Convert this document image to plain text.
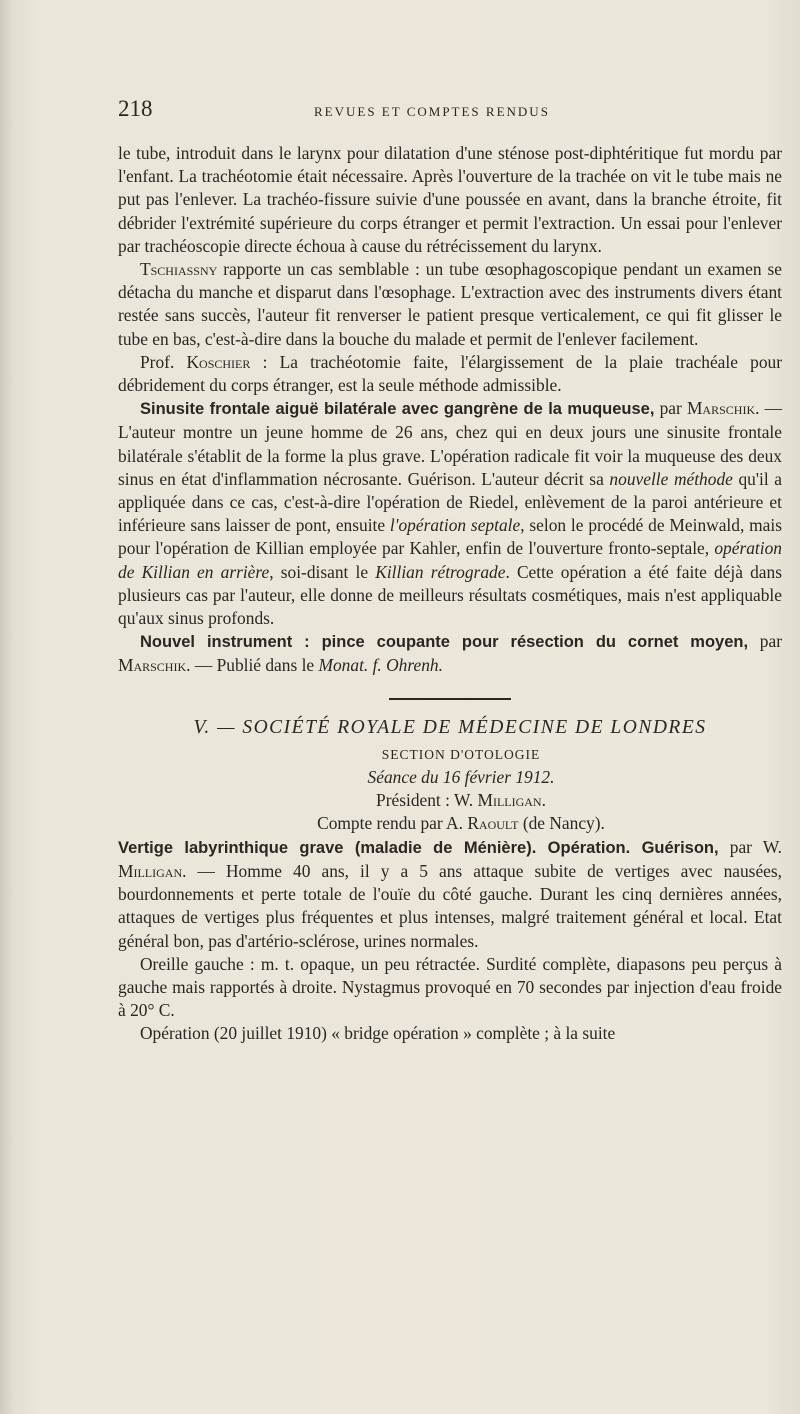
218	REVUES ET COMPTES RENDUS

le tube, introduit dans le larynx pour dilatation d'une sténose post-diphtéritique fut mordu par l'enfant. La trachéotomie était nécessaire. Après l'ouverture de la trachée on vit le tube mais ne put pas l'enlever. La trachéo-fissure suivie d'une poussée en avant, dans la branche étroite, fit débrider l'extrémité supérieure du corps étranger et permit l'extraction. Un essai pour l'enlever par trachéoscopie directe échoua à cause du rétrécissement du larynx.

Tschiassny rapporte un cas semblable : un tube œsophagoscopique pendant un examen se détacha du manche et disparut dans l'œsophage. L'extraction avec des instruments divers étant restée sans succès, l'auteur fit renverser le patient presque verticalement, ce qui fit glisser le tube en bas, c'est-à-dire dans la bouche du malade et permit de l'enlever facilement.

Prof. Koschier : La trachéotomie faite, l'élargissement de la plaie trachéale pour débridement du corps étranger, est la seule méthode admissible.

Sinusite frontale aiguë bilatérale avec gangrène de la muqueuse, par Marschik. — L'auteur montre un jeune homme de 26 ans, chez qui en deux jours une sinusite frontale bilatérale s'établit de la forme la plus grave. L'opération radicale fit voir la muqueuse des deux sinus en état d'inflammation nécrosante. Guérison. L'auteur décrit sa nouvelle méthode qu'il a appliquée dans ce cas, c'est-à-dire l'opération de Riedel, enlèvement de la paroi antérieure et inférieure sans laisser de pont, ensuite l'opération septale, selon le procédé de Meinwald, mais pour l'opération de Killian employée par Kahler, enfin de l'ouverture fronto-septale, opération de Killian en arrière, soi-disant le Killian rétrograde. Cette opération a été faite déjà dans plusieurs cas par l'auteur, elle donne de meilleurs résultats cosmétiques, mais n'est appliquable qu'aux sinus profonds.

Nouvel instrument : pince coupante pour résection du cornet moyen, par Marschik. — Publié dans le Monat. f. Ohrenh.

V. — SOCIÉTÉ ROYALE DE MÉDECINE DE LONDRES

SECTION D'OTOLOGIE

Séance du 16 février 1912.

Président : W. Milligan.

Compte rendu par A. Raoult (de Nancy).

Vertige labyrinthique grave (maladie de Ménière). Opération. Guérison, par W. Milligan. — Homme 40 ans, il y a 5 ans attaque subite de vertiges avec nausées, bourdonnements et perte totale de l'ouïe du côté gauche. Durant les cinq dernières années, attaques de vertiges plus fréquentes et plus intenses, malgré traitement général et local. Etat général bon, pas d'artério-sclérose, urines normales.

Oreille gauche : m. t. opaque, un peu rétractée. Surdité complète, diapasons peu perçus à gauche mais rapportés à droite. Nystagmus provoqué en 70 secondes par injection d'eau froide à 20° C.

Opération (20 juillet 1910) « bridge opération » complète ; à la suite
